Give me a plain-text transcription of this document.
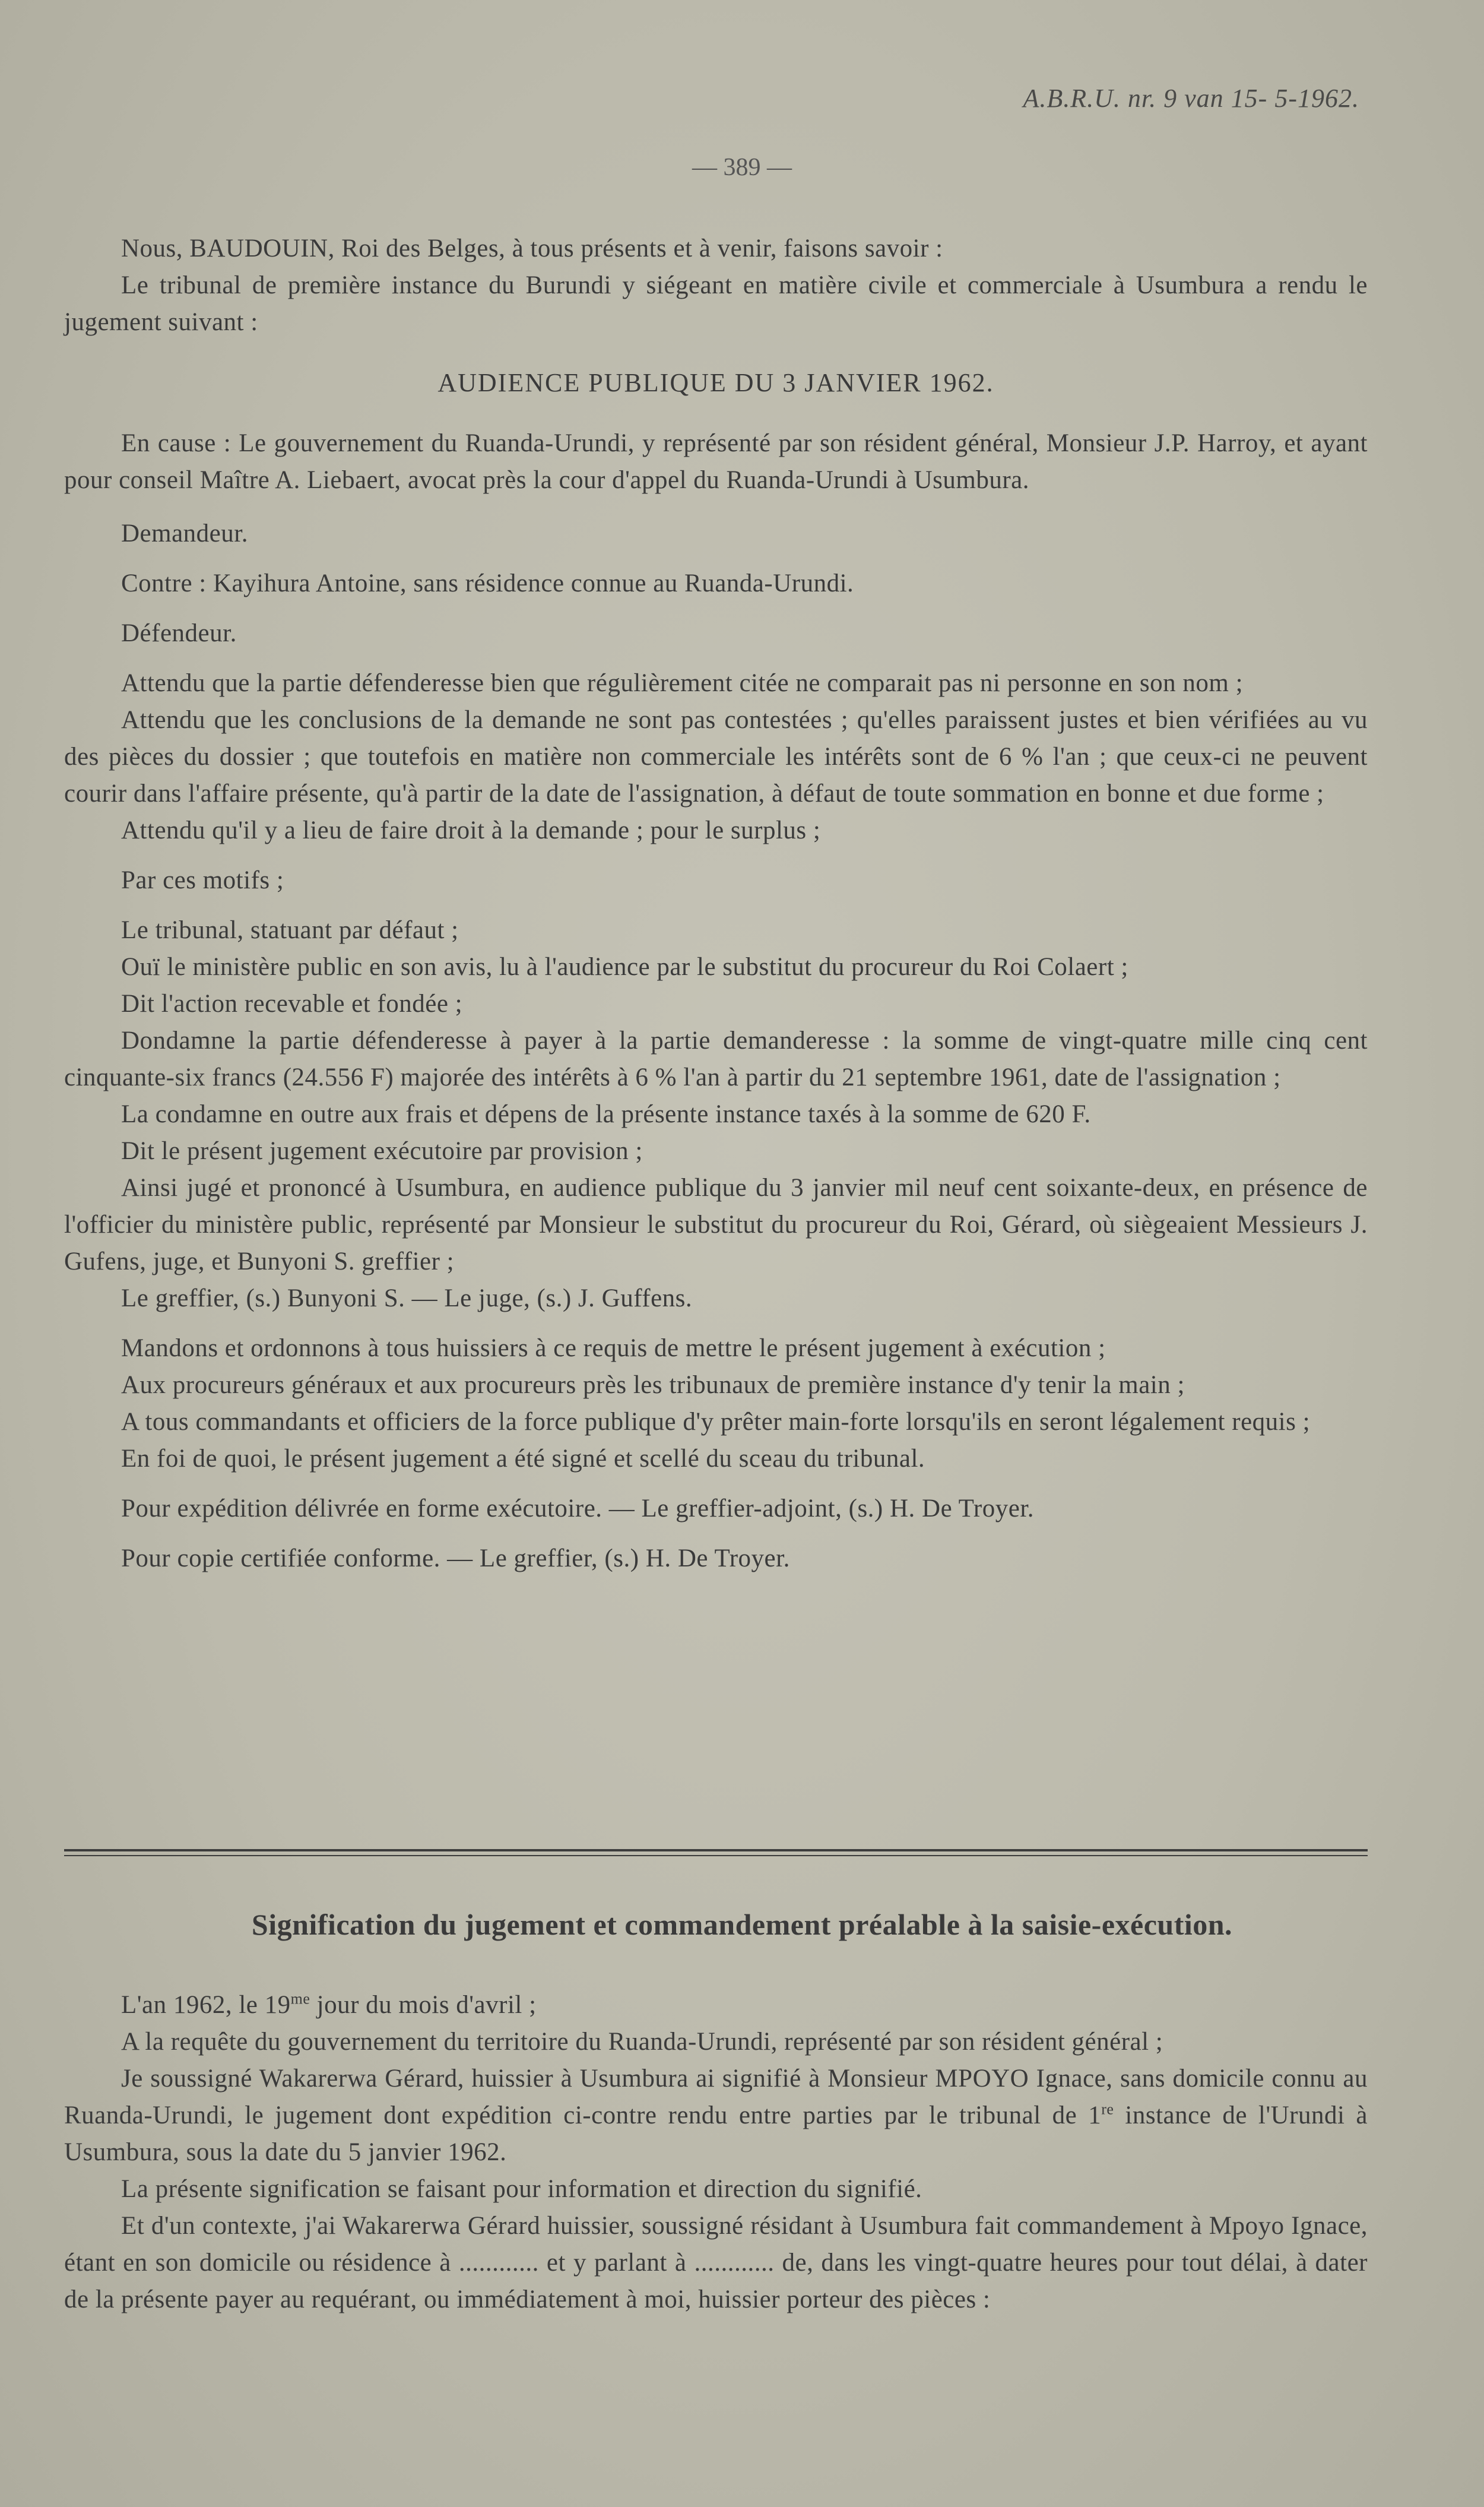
A.B.R.U. nr. 9 van 15- 5-1962.
— 389 —

Nous, BAUDOUIN, Roi des Belges, à tous présents et à venir, faisons savoir :

Le tribunal de première instance du Burundi y siégeant en matière civile et commerciale à Usumbura a rendu le jugement suivant :

AUDIENCE PUBLIQUE DU 3 JANVIER 1962.

En cause : Le gouvernement du Ruanda-Urundi, y représenté par son résident général, Monsieur J.P. Harroy, et ayant pour conseil Maître A. Liebaert, avocat près la cour d'appel du Ruanda-Urundi à Usumbura.

Demandeur.

Contre : Kayihura Antoine, sans résidence connue au Ruanda-Urundi.

Défendeur.

Attendu que la partie défenderesse bien que régulièrement citée ne comparait pas ni personne en son nom ;

Attendu que les conclusions de la demande ne sont pas contestées ; qu'elles paraissent justes et bien vérifiées au vu des pièces du dossier ; que toutefois en matière non commerciale les intérêts sont de 6 % l'an ; que ceux-ci ne peuvent courir dans l'affaire présente, qu'à partir de la date de l'assignation, à défaut de toute sommation en bonne et due forme ;

Attendu qu'il y a lieu de faire droit à la demande ; pour le surplus ;

Par ces motifs ;

Le tribunal, statuant par défaut ;

Ouï le ministère public en son avis, lu à l'audience par le substitut du procureur du Roi Colaert ;

Dit l'action recevable et fondée ;

Dondamne la partie défenderesse à payer à la partie demanderesse : la somme de vingt-quatre mille cinq cent cinquante-six francs (24.556 F) majorée des intérêts à 6 % l'an à partir du 21 septembre 1961, date de l'assignation ;

La condamne en outre aux frais et dépens de la présente instance taxés à la somme de 620 F.

Dit le présent jugement exécutoire par provision ;

Ainsi jugé et prononcé à Usumbura, en audience publique du 3 janvier mil neuf cent soixante-deux, en présence de l'officier du ministère public, représenté par Monsieur le substitut du procureur du Roi, Gérard, où siègeaient Messieurs J. Gufens, juge, et Bunyoni S. greffier ;

Le greffier, (s.) Bunyoni S. — Le juge, (s.) J. Guffens.

Mandons et ordonnons à tous huissiers à ce requis de mettre le présent jugement à exécution ;

Aux procureurs généraux et aux procureurs près les tribunaux de première instance d'y tenir la main ;

A tous commandants et officiers de la force publique d'y prêter main-forte lorsqu'ils en seront légalement requis ;

En foi de quoi, le présent jugement a été signé et scellé du sceau du tribunal.

Pour expédition délivrée en forme exécutoire. — Le greffier-adjoint, (s.) H. De Troyer.

Pour copie certifiée conforme. — Le greffier, (s.) H. De Troyer.

Signification du jugement et commandement préalable à la saisie-exécution.

L'an 1962, le $19^{me}$ jour du mois d'avril ;

A la requête du gouvernement du territoire du Ruanda-Urundi, représenté par son résident général ;

Je soussigné Wakarerwa Gérard, huissier à Usumbura ai signifié à Monsieur MPOYO Ignace, sans domicile connu au Ruanda-Urundi, le jugement dont expédition ci-contre rendu entre parties par le tribunal de 1re instance de l'Urundi à Usumbura, sous la date du 5 janvier 1962.

La présente signification se faisant pour information et direction du signifié.

Et d'un contexte, j'ai Wakarerwa Gérard huissier, soussigné résidant à Usumbura fait commandement à Mpoyo Ignace, étant en son domicile ou résidence à ............ et y parlant à ............ de, dans les vingt-quatre heures pour tout délai, à dater de la présente payer au requérant, ou immédiatement à moi, huissier porteur des pièces :
